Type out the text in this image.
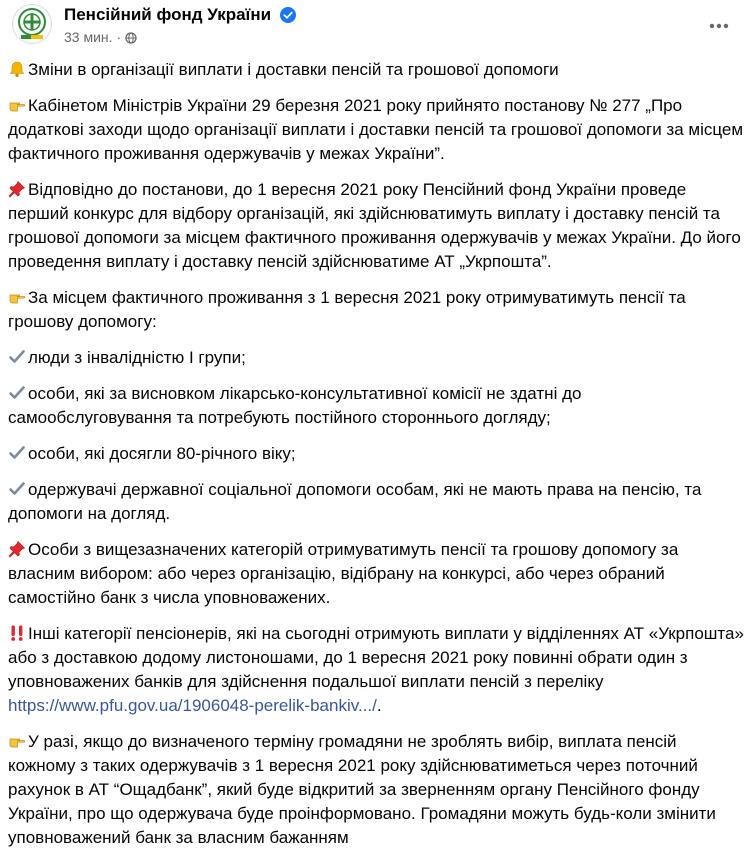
Пенсійний фонд України
33 мин. ·

Зміни в організації виплати і доставки пенсій та грошової допомоги

Кабінетом Міністрів України 29 березня 2021 року прийнято постанову № 277 „Про додаткові заходи щодо організації виплати і доставки пенсій та грошової допомоги за місцем фактичного проживання одержувачів у межах України”.

Відповідно до постанови, до 1 вересня 2021 року Пенсійний фонд України проведе перший конкурс для відбору організацій, які здійснюватимуть виплату і доставку пенсій та грошової допомоги за місцем фактичного проживання одержувачів у межах України. До його проведення виплату і доставку пенсій здійснюватиме АТ „Укрпошта”.

За місцем фактичного проживання з 1 вересня 2021 року отримуватимуть пенсії та грошову допомогу:

люди з інвалідністю I групи;

особи, які за висновком лікарсько-консультативної комісії не здатні до самообслуговування та потребують постійного стороннього догляду;

особи, які досягли 80-річного віку;

одержувачі державної соціальної допомоги особам, які не мають права на пенсію, та допомоги на догляд.

Особи з вищезазначених категорій отримуватимуть пенсії та грошову допомогу за власним вибором: або через організацію, відібрану на конкурсі, або через обраний самостійно банк з числа уповноважених.

Інші категорії пенсіонерів, які на сьогодні отримують виплати у відділеннях АТ «Укрпошта» або з доставкою додому листоношами, до 1 вересня 2021 року повинні обрати один з уповноважених банків для здійснення подальшої виплати пенсій з переліку https://www.pfu.gov.ua/1906048-perelik-bankiv.../.

У разі, якщо до визначеного терміну громадяни не зроблять вибір, виплата пенсій кожному з таких одержувачів з 1 вересня 2021 року здійснюватиметься через поточний рахунок в АТ “Ощадбанк”, який буде відкритий за зверненням органу Пенсійного фонду України, про що одержувача буде проінформовано. Громадяни можуть будь-коли змінити уповноважений банк за власним бажанням
